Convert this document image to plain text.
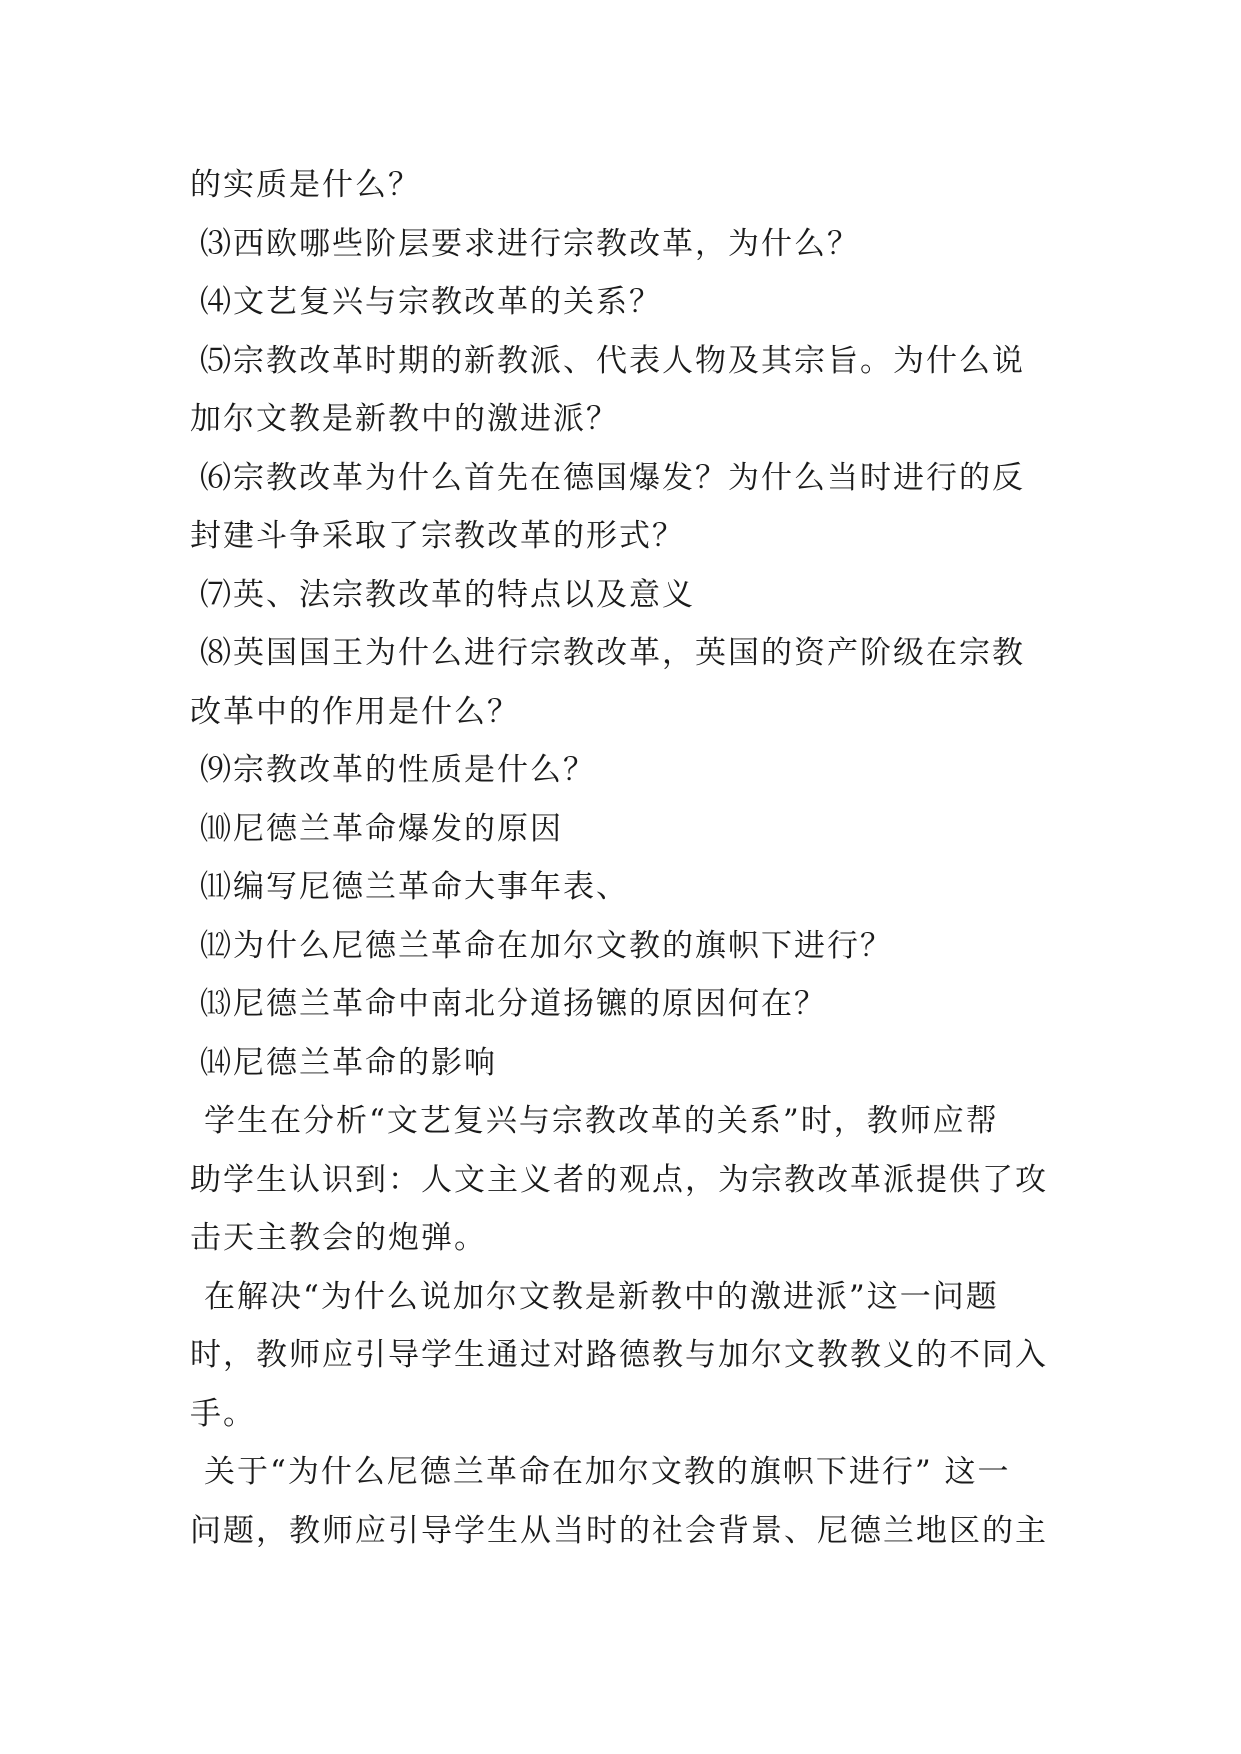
的实质是什么？
⑶西欧哪些阶层要求进行宗教改革，为什么？
⑷文艺复兴与宗教改革的关系？
⑸宗教改革时期的新教派、代表人物及其宗旨。为什么说
加尔文教是新教中的激进派？
⑹宗教改革为什么首先在德国爆发？为什么当时进行的反
封建斗争采取了宗教改革的形式？
⑺英、法宗教改革的特点以及意义
⑻英国国王为什么进行宗教改革，英国的资产阶级在宗教
改革中的作用是什么？
⑼宗教改革的性质是什么？
⑽尼德兰革命爆发的原因
⑾编写尼德兰革命大事年表、
⑿为什么尼德兰革命在加尔文教的旗帜下进行？
⒀尼德兰革命中南北分道扬镳的原因何在？
⒁尼德兰革命的影响
学生在分析“文艺复兴与宗教改革的关系”时，教师应帮
助学生认识到：人文主义者的观点，为宗教改革派提供了攻
击天主教会的炮弹。
在解决“为什么说加尔文教是新教中的激进派”这一问题
时，教师应引导学生通过对路德教与加尔文教教义的不同入
手。
关于“为什么尼德兰革命在加尔文教的旗帜下进行” 这一
问题，教师应引导学生从当时的社会背景、尼德兰地区的主
